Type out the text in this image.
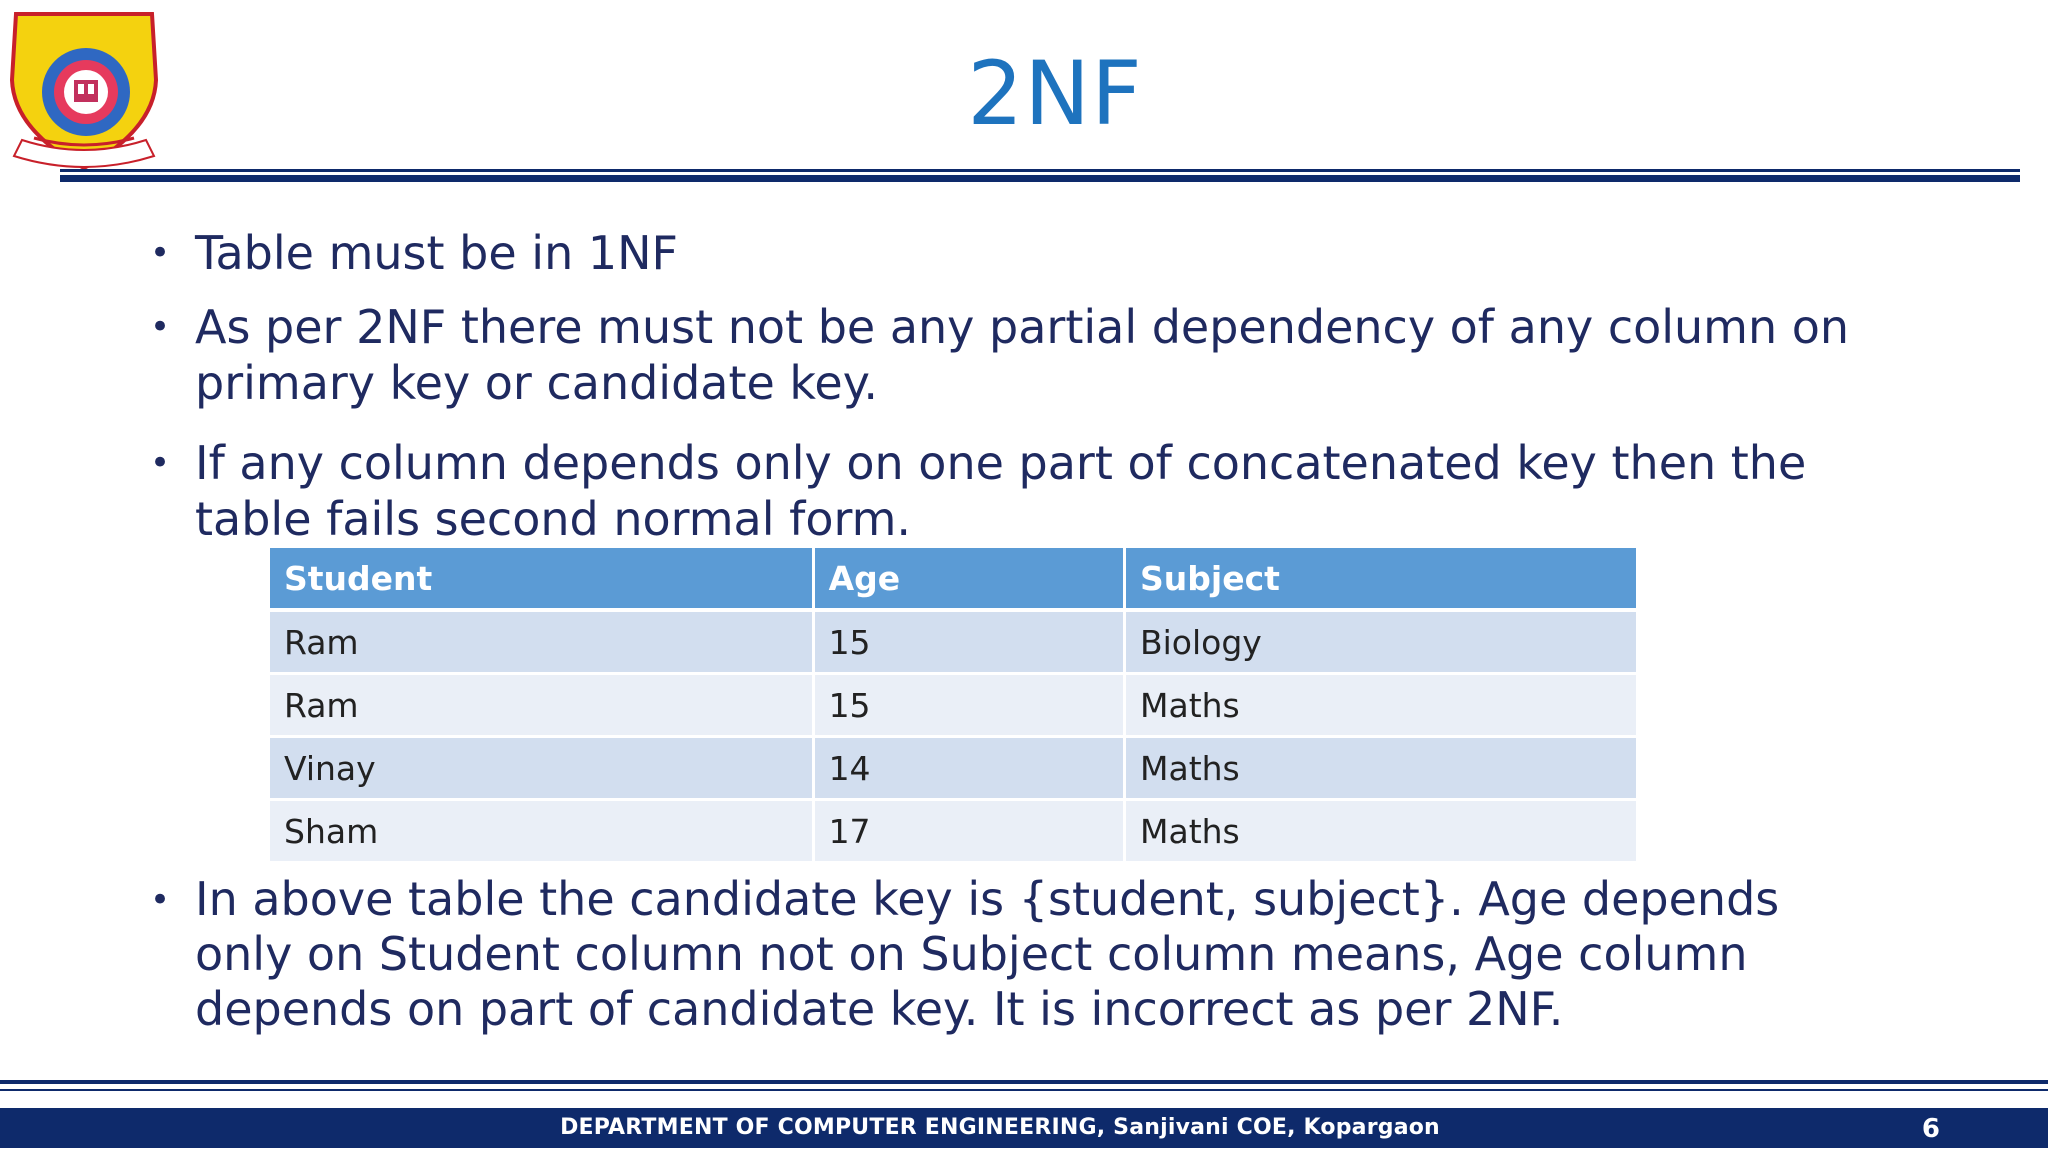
2NF
• Table must be in 1NF
• As per 2NF there must not be any partial dependency of any column on primary key or candidate key.
• If any column depends only on one part of concatenated key then the table fails second normal form.
• In above table the candidate key is {student, subject}. Age depends only on Student column not on Subject column means, Age column depends on part of candidate key. It is incorrect as per 2NF.
Student	Age	Subject
Ram	15	Biology
Ram	15	Maths
Vinay	14	Maths
Sham	17	Maths
DEPARTMENT OF COMPUTER ENGINEERING, Sanjivani COE, Kopargaon	6
